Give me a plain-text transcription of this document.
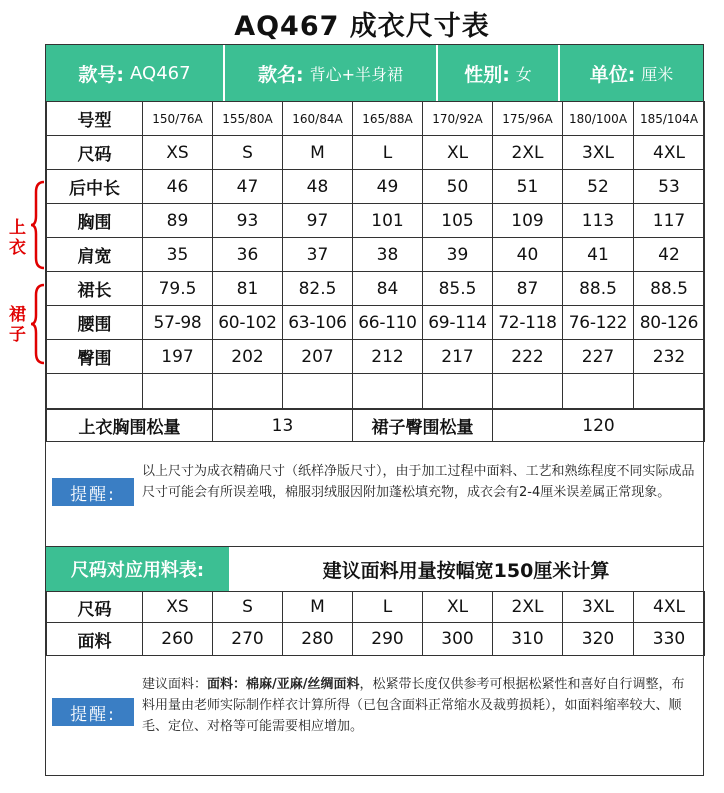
AQ467 成衣尺寸表
款号: AQ467	款名: 背心+半身裙	性别: 女	单位: 厘米
号型	150/76A	155/80A	160/84A	165/88A	170/92A	175/96A	180/100A	185/104A
尺码	XS	S	M	L	XL	2XL	3XL	4XL
后中长	46	47	48	49	50	51	52	53
胸围	89	93	97	101	105	109	113	117
肩宽	35	36	37	38	39	40	41	42
裙长	79.5	81	82.5	84	85.5	87	88.5	88.5
腰围	57-98	60-102	63-106	66-110	69-114	72-118	76-122	80-126
臀围	197	202	207	212	217	222	227	232

上衣胸围松量	13	裙子臀围松量	120
提醒:
以上尺寸为成衣精确尺寸（纸样净版尺寸），由于加工过程中面料、工艺和熟练程度不同实际成品尺寸可能会有所误差哦，棉服羽绒服因附加蓬松填充物，成衣会有2-4厘米误差属正常现象。
尺码对应用料表:	建议面料用量按幅宽150厘米计算
尺码	XS	S	M	L	XL	2XL	3XL	4XL
面料	260	270	280	290	300	310	320	330
提醒:
建议面料：面料：棉麻/亚麻/丝绸面料，松紧带长度仅供参考可根据松紧性和喜好自行调整，布料用量由老师实际制作样衣计算所得（已包含面料正常缩水及裁剪损耗），如面料缩率较大、顺毛、定位、对格等可能需要相应增加。
上衣
裙子
